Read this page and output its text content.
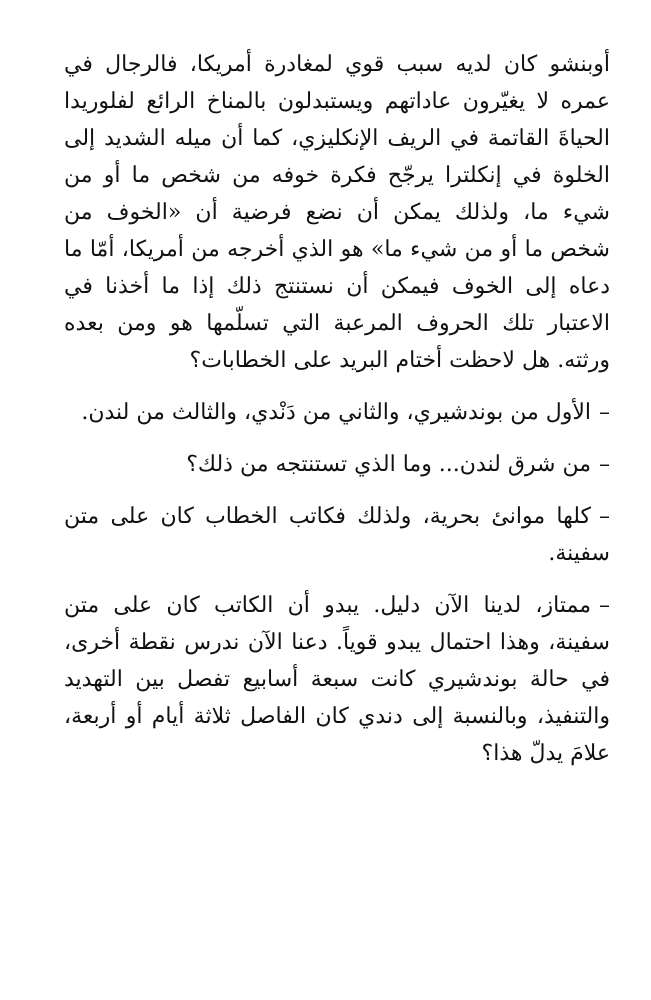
أوبنشو كان لديه سبب قوي لمغادرة أمريكا، فالرجال في عمره لا يغيّرون عاداتهم ويستبدلون بالمناخ الرائع لفلوريدا الحياةَ القاتمة في الريف الإنكليزي، كما أن ميله الشديد إلى الخلوة في إنكلترا يرجّح فكرة خوفه من شخص ما أو من شيء ما، ولذلك يمكن أن نضع فرضية أن «الخوف من شخص ما أو من شيء ما» هو الذي أخرجه من أمريكا، أمّا ما دعاه إلى الخوف فيمكن أن نستنتج ذلك إذا ما أخذنا في الاعتبار تلك الحروف المرعبة التي تسلّمها هو ومن بعده ورثته. هل لاحظت أختام البريد على الخطابات؟

–الأول من بوندشيري، والثاني من دَنْدي، والثالث من لندن.

–من شرق لندن... وما الذي تستنتجه من ذلك؟

–كلها موانئ بحرية، ولذلك فكاتب الخطاب كان على متن سفينة.

–ممتاز، لدينا الآن دليل. يبدو أن الكاتب كان على متن سفينة، وهذا احتمال يبدو قوياً. دعنا الآن ندرس نقطة أخرى، في حالة بوندشيري كانت سبعة أسابيع تفصل بين التهديد والتنفيذ، وبالنسبة إلى دندي كان الفاصل ثلاثة أيام أو أربعة، علامَ يدلّ هذا؟
